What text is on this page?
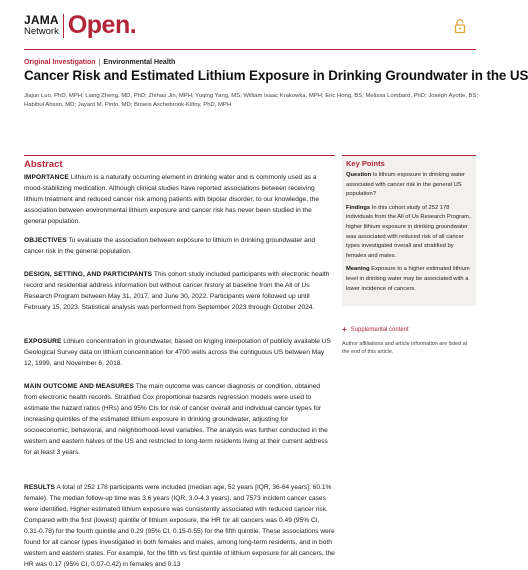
JAMA
Network Open.
Original Investigation | Environmental Health
Cancer Risk and Estimated Lithium Exposure in Drinking Groundwater in the US
Jiajun Luo, PhD, MPH; Liang Zheng, MD, PhD; Zhihao Jin, MPH; Yuqing Yang, MS; William Isaac Krakowka, MPH; Eric Hong, BS; Melissa Lombard, PhD; Joseph Ayotte, BS; Habibul Ahsan, MD; Jayant M. Pinto, MD; Briseis Aschebrook-Kilfoy, PhD, MPH
Abstract
IMPORTANCE Lithium is a naturally occurring element in drinking water and is commonly used as a mood-stabilizing medication. Although clinical studies have reported associations between receiving lithium treatment and reduced cancer risk among patients with bipolar disorder, to our knowledge, the association between environmental lithium exposure and cancer risk has never been studied in the general population.
OBJECTIVES To evaluate the association between exposure to lithium in drinking groundwater and cancer risk in the general population.
DESIGN, SETTING, AND PARTICIPANTS This cohort study included participants with electronic health record and residential address information but without cancer history at baseline from the All of Us Research Program between May 31, 2017, and June 30, 2022. Participants were followed up until February 15, 2023. Statistical analysis was performed from September 2023 through October 2024.
EXPOSURE Lithium concentration in groundwater, based on kriging interpolation of publicly available US Geological Survey data on lithium concentration for 4700 wells across the contiguous US between May 12, 1999, and November 6, 2018.
MAIN OUTCOME AND MEASURES The main outcome was cancer diagnosis or condition, obtained from electronic health records. Stratified Cox proportional hazards regression models were used to estimate the hazard ratios (HRs) and 95% CIs for risk of cancer overall and individual cancer types for increasing quintiles of the estimated lithium exposure in drinking groundwater, adjusting for socioeconomic, behavioral, and neighborhood-level variables. The analysis was further conducted in the western and eastern halves of the US and restricted to long-term residents living at their current address for at least 3 years.
RESULTS A total of 252 178 participants were included (median age, 52 years [IQR, 36-64 years]; 60.1% female). The median follow-up time was 3.6 years (IQR, 3.0-4.3 years), and 7573 incident cancer cases were identified. Higher estimated lithium exposure was consistently associated with reduced cancer risk. Compared with the first (lowest) quintile of lithium exposure, the HR for all cancers was 0.49 (95% CI, 0.31-0.78) for the fourth quintile and 0.29 (95% CI, 0.15-0.55) for the fifth quintile. These associations were found for all cancer types investigated in both females and males, among long-term residents, and in both western and eastern states. For example, for the fifth vs first quintile of lithium exposure for all cancers, the HR was 0.17 (95% CI, 0.07-0.42) in females and 0.13
Key Points
Question Is lithium exposure in drinking water associated with cancer risk in the general US population?
Findings In this cohort study of 252 178 individuals from the All of Us Research Program, higher lithium exposure in drinking groundwater was associated with reduced risk of all cancer types investigated overall and stratified by females and males.
Meaning Exposure to a higher estimated lithium level in drinking water may be associated with a lower incidence of cancers.
+ Supplemental content
Author affiliations and article information are listed at the end of this article.
